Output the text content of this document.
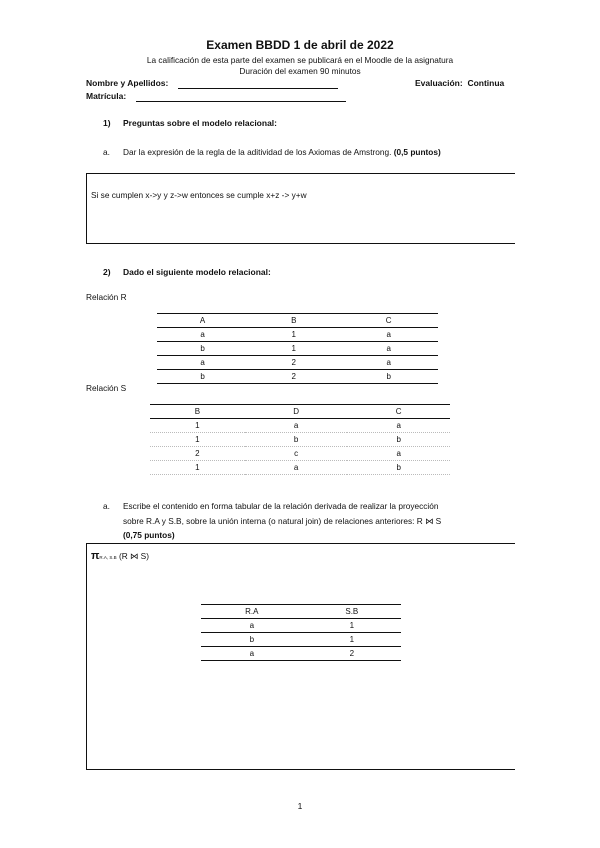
Examen BBDD 1 de abril de 2022
La calificación de esta parte del examen se publicará en el Moodle de la asignatura
Duración del examen 90 minutos
Nombre y Apellidos:	Evaluación: Continua
Matrícula:
1) Preguntas sobre el modelo relacional:
a. Dar la expresión de la regla de la aditividad de los Axiomas de Amstrong. (0,5 puntos)
Si se cumplen x->y y z->w entonces se cumple x+z -> y+w
2) Dado el siguiente modelo relacional:
Relación R
A	B	C
a	1	a
b	1	a
a	2	a
b	2	b
Relación S
B	D	C
1	a	a
1	b	b
2	c	a
1	a	b
a. Escribe el contenido en forma tabular de la relación derivada de realizar la proyección
sobre R.A y S.B, sobre la unión interna (o natural join) de relaciones anteriores: R ⋈ S
(0,75 puntos)
πR.A, S.B (R ⋈ S)
R.A	S.B
a	1
b	1
a	2
1
